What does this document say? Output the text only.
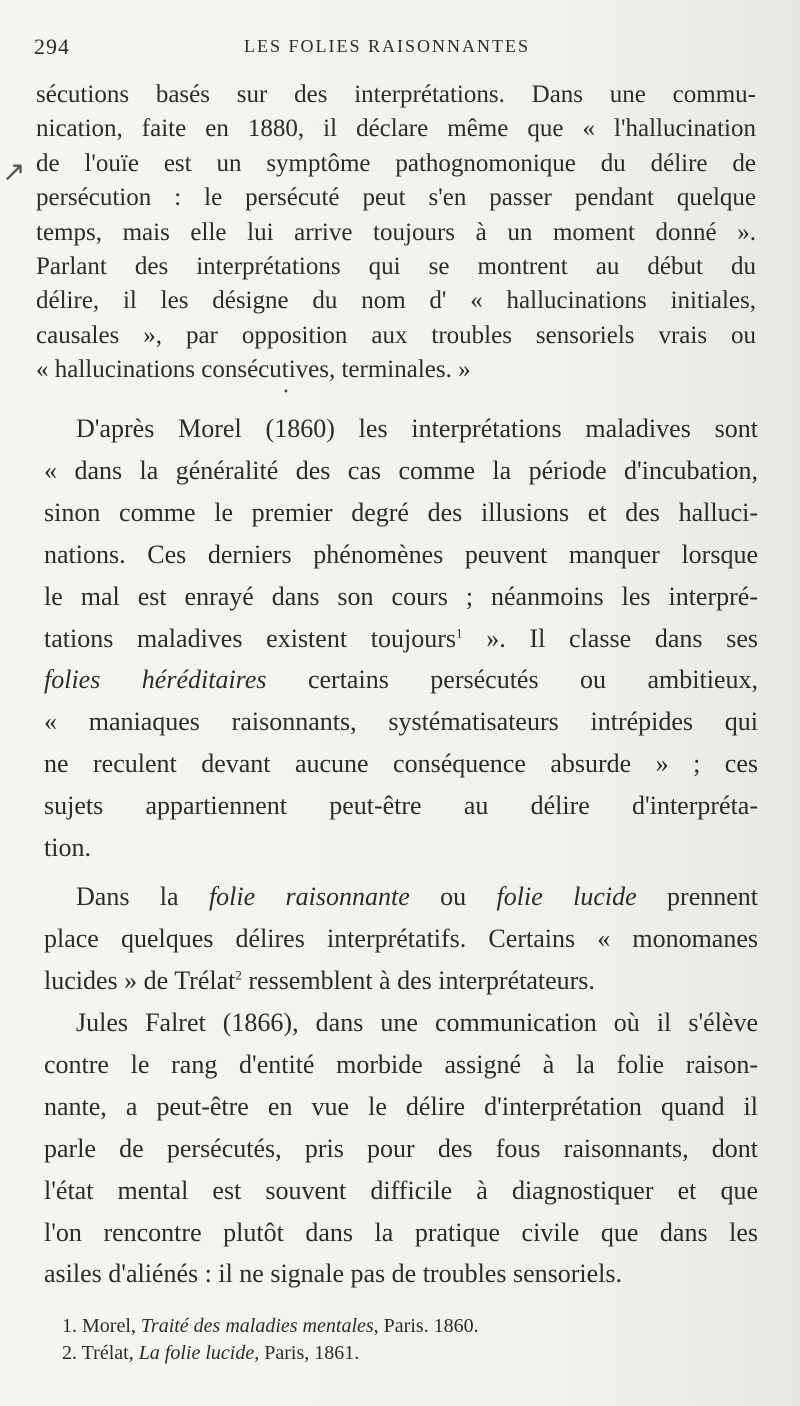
294	LES FOLIES RAISONNANTES
↗
sécutions basés sur des interprétations. Dans une commu-
nication, faite en 1880, il déclare même que « l'hallucination
de l'ouïe est un symptôme pathognomonique du délire de
persécution : le persécuté peut s'en passer pendant quelque
temps, mais elle lui arrive toujours à un moment donné ».
Parlant des interprétations qui se montrent au début du
délire, il les désigne du nom d' « hallucinations initiales,
causales », par opposition aux troubles sensoriels vrais ou
« hallucinations consécutives, terminales. »
•
D'après Morel (1860) les interprétations maladives sont
« dans la généralité des cas comme la période d'incubation,
sinon comme le premier degré des illusions et des halluci-
nations. Ces derniers phénomènes peuvent manquer lorsque
le mal est enrayé dans son cours ; néanmoins les interpré-
tations maladives existent toujours$^1$ ». Il classe dans ses
folies héréditaires certains persécutés ou ambitieux,
« maniaques raisonnants, systématisateurs intrépides qui
ne reculent devant aucune conséquence absurde » ; ces
sujets appartiennent peut-être au délire d'interpréta-
tion.
Dans la folie raisonnante ou folie lucide prennent
place quelques délires interprétatifs. Certains « monomanes
lucides » de Trélat$^2$ ressemblent à des interprétateurs.
Jules Falret (1866), dans une communication où il s'élève
contre le rang d'entité morbide assigné à la folie raison-
nante, a peut-être en vue le délire d'interprétation quand il
parle de persécutés, pris pour des fous raisonnants, dont
l'état mental est souvent difficile à diagnostiquer et que
l'on rencontre plutôt dans la pratique civile que dans les
asiles d'aliénés : il ne signale pas de troubles sensoriels.
1. Morel, Traité des maladies mentales, Paris. 1860.
2. Trélat, La folie lucide, Paris, 1861.
